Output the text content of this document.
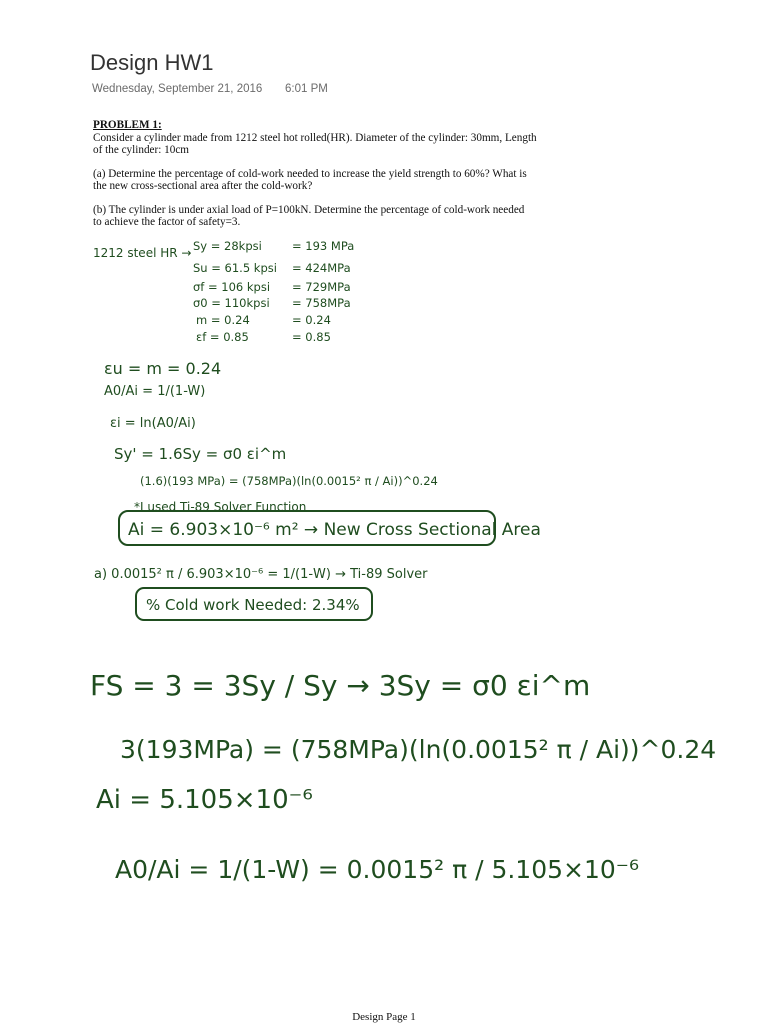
Design HW1
Wednesday, September 21, 2016 6:01 PM

PROBLEM 1:

Consider a cylinder made from 1212 steel hot rolled(HR). Diameter of the cylinder: 30mm, Length

of the cylinder: 10cm

(a) Determine the percentage of cold-work needed to increase the yield strength to 60%? What is

the new cross-sectional area after the cold-work?

(b) The cylinder is under axial load of P=100kN. Determine the percentage of cold-work needed

to achieve the factor of safety=3.

1212 steel HR → Sy = 28kpsi
Su = 61.5 kpsi
σf = 106 kpsi
σ0 = 110kpsi
m = 0.24
εf = 0.85
= 193 MPa
= 424MPa
= 729MPa
= 758MPa
= 0.24
= 0.85
εu = m = 0.24
A0/Ai = 1/(1-W)
εi = ln(A0/Ai)
Sy' = 1.6Sy = σ0 εi^m
(1.6)(193 MPa) = (758MPa)(ln(0.0015² π / Ai))^0.24
*I used Ti-89 Solver Function
Ai = 6.903×10⁻⁶ m² → New Cross Sectional Area
a) 0.0015² π / 6.903×10⁻⁶ = 1/(1-W) → Ti-89 Solver
% Cold work Needed: 2.34%
FS = 3 = 3Sy / Sy → 3Sy = σ0 εi^m
3(193MPa) = (758MPa)(ln(0.0015² π / Ai))^0.24
Ai = 5.105×10⁻⁶
A0/Ai = 1/(1-W) = 0.0015² π / 5.105×10⁻⁶
Design Page 1
